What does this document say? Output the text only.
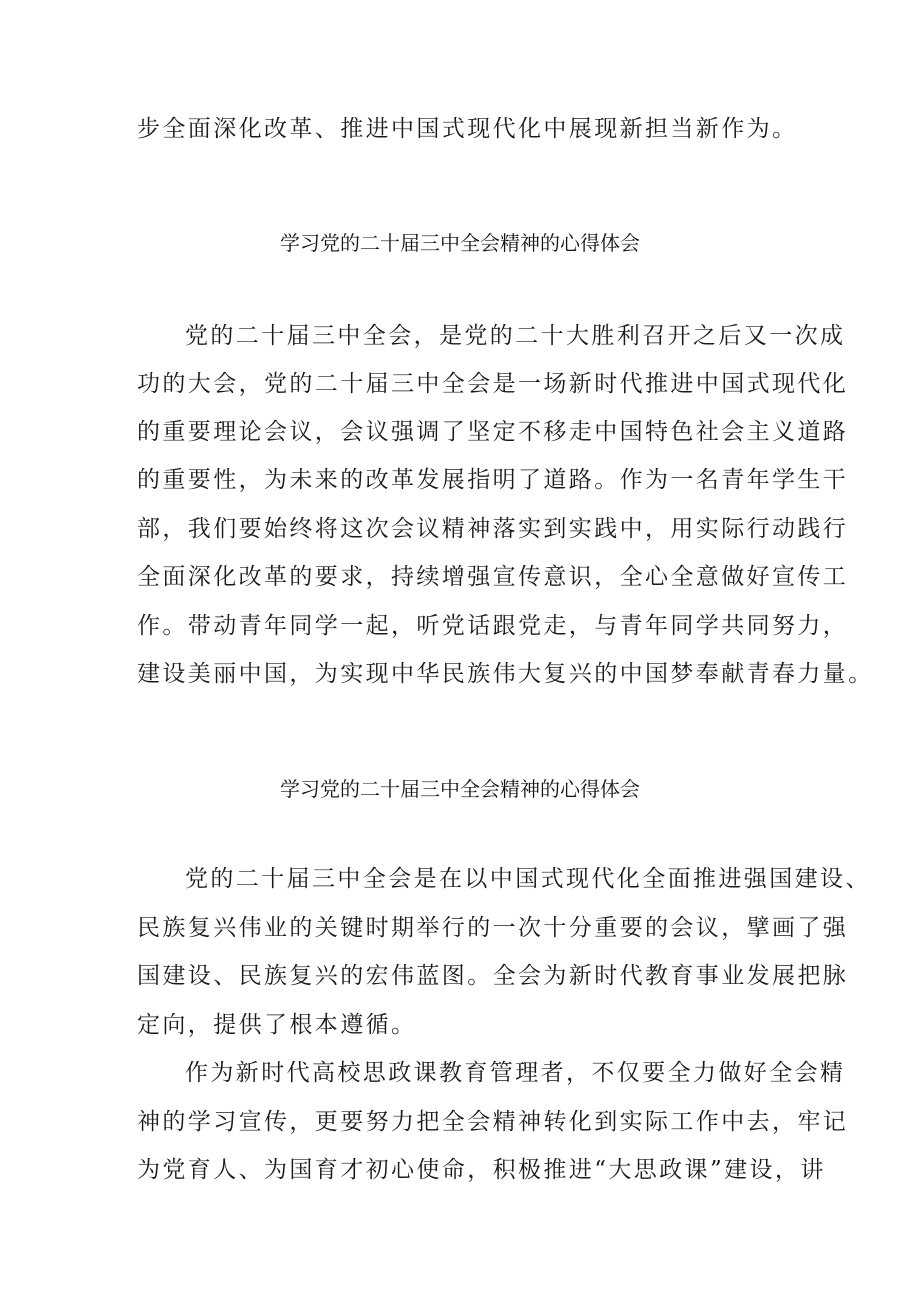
步全面深化改革、推进中国式现代化中展现新担当新作为。
学习党的二十届三中全会精神的心得体会
党的二十届三中全会，是党的二十大胜利召开之后又一次成
功的大会，党的二十届三中全会是一场新时代推进中国式现代化
的重要理论会议，会议强调了坚定不移走中国特色社会主义道路
的重要性，为未来的改革发展指明了道路。作为一名青年学生干
部，我们要始终将这次会议精神落实到实践中，用实际行动践行
全面深化改革的要求，持续增强宣传意识，全心全意做好宣传工
作。带动青年同学一起，听党话跟党走，与青年同学共同努力，
建设美丽中国，为实现中华民族伟大复兴的中国梦奉献青春力量。
学习党的二十届三中全会精神的心得体会
党的二十届三中全会是在以中国式现代化全面推进强国建设、
民族复兴伟业的关键时期举行的一次十分重要的会议，擘画了强
国建设、民族复兴的宏伟蓝图。全会为新时代教育事业发展把脉
定向，提供了根本遵循。
作为新时代高校思政课教育管理者，不仅要全力做好全会精
神的学习宣传，更要努力把全会精神转化到实际工作中去，牢记
为党育人、为国育才初心使命，积极推进“大思政课”建设，讲
